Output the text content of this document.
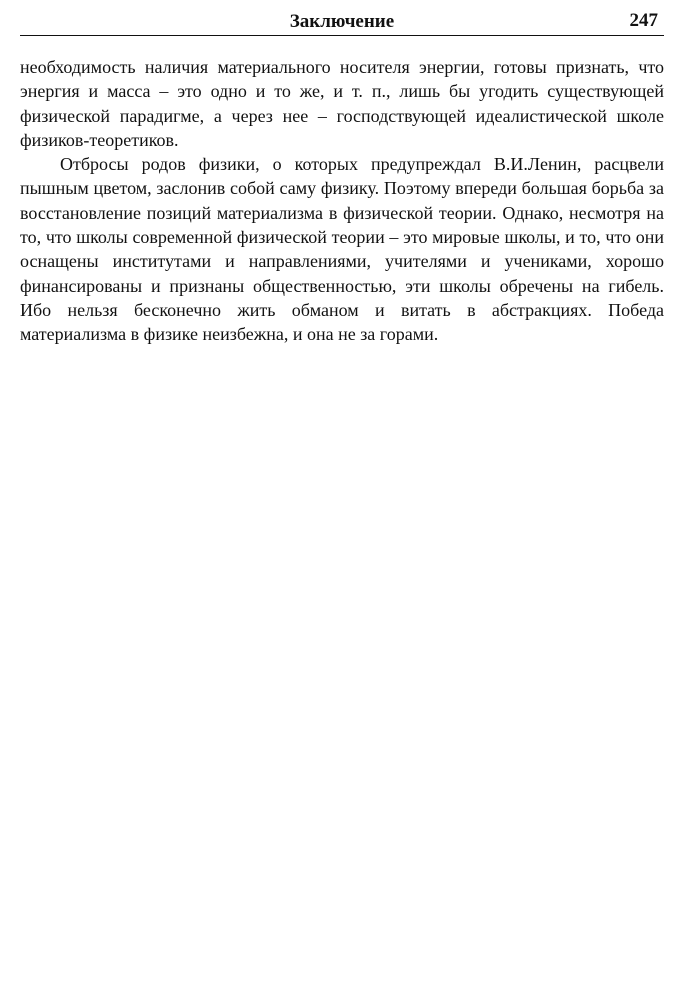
Заключение	247

необходимость наличия материального носителя энергии, готовы признать, что энергия и масса – это одно и то же, и т. п., лишь бы угодить существующей физической парадигме, а через нее – господствующей идеалистической школе физиков-теоретиков.

Отбросы родов физики, о которых предупреждал В.И.Ленин, расцвели пышным цветом, заслонив собой саму физику. Поэтому впереди большая борьба за восстановление позиций материализма в физической теории. Однако, несмотря на то, что школы современной физической теории – это мировые школы, и то, что они оснащены институтами и направлениями, учителями и учениками, хорошо финансированы и признаны общественностью, эти школы обречены на гибель. Ибо нельзя бесконечно жить обманом и витать в абстракциях. Победа материализма в физике неизбежна, и она не за горами.
